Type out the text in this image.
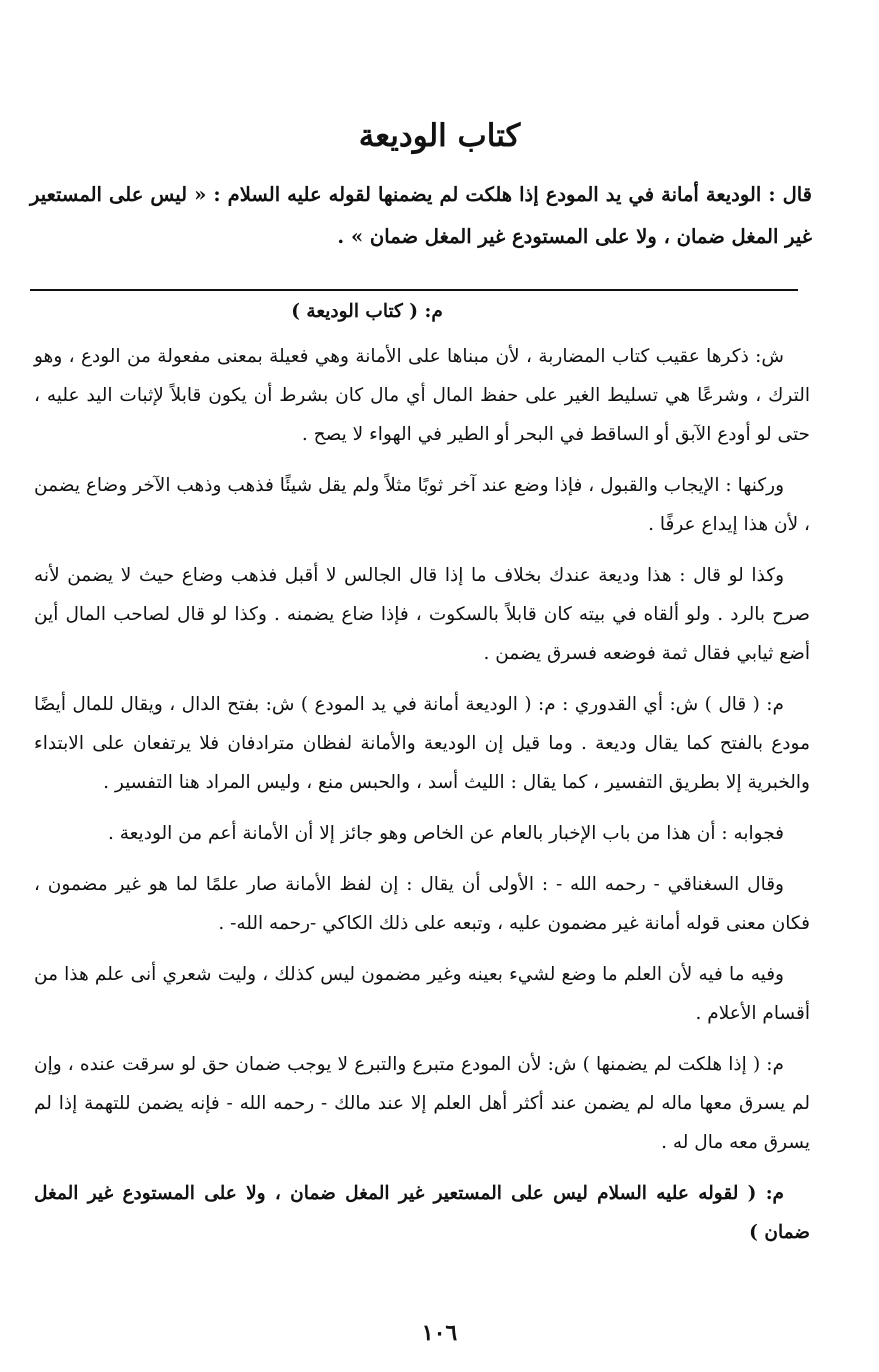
كتاب الوديعة
قال : الوديعة أمانة في يد المودع إذا هلكت لم يضمنها لقوله عليه السلام : « ليس على المستعير غير المغل ضمان ، ولا على المستودع غير المغل ضمان » .

م: ( كتاب الوديعة )

ش: ذكرها عقيب كتاب المضاربة ، لأن مبناها على الأمانة وهي فعيلة بمعنى مفعولة من الودع ، وهو الترك ، وشرعًا هي تسليط الغير على حفظ المال أي مال كان بشرط أن يكون قابلاً لإثبات اليد عليه ، حتى لو أودع الآبق أو الساقط في البحر أو الطير في الهواء لا يصح .

وركنها : الإيجاب والقبول ، فإذا وضع عند آخر ثوبًا مثلاً ولم يقل شيئًا فذهب وذهب الآخر وضاع يضمن ، لأن هذا إيداع عرفًا .

وكذا لو قال : هذا وديعة عندك بخلاف ما إذا قال الجالس لا أقبل فذهب وضاع حيث لا يضمن لأنه صرح بالرد . ولو ألقاه في بيته كان قابلاً بالسكوت ، فإذا ضاع يضمنه . وكذا لو قال لصاحب المال أين أضع ثيابي فقال ثمة فوضعه فسرق يضمن .

م: ( قال ) ش: أي القدوري : م: ( الوديعة أمانة في يد المودع ) ش: بفتح الدال ، ويقال للمال أيضًا مودع بالفتح كما يقال وديعة . وما قيل إن الوديعة والأمانة لفظان مترادفان فلا يرتفعان على الابتداء والخبرية إلا بطريق التفسير ، كما يقال : الليث أسد ، والحبس منع ، وليس المراد هنا التفسير .

فجوابه : أن هذا من باب الإخبار بالعام عن الخاص وهو جائز إلا أن الأمانة أعم من الوديعة .

وقال السغناقي - رحمه الله - : الأولى أن يقال : إن لفظ الأمانة صار علمًا لما هو غير مضمون ، فكان معنى قوله أمانة غير مضمون عليه ، وتبعه على ذلك الكاكي -رحمه الله- .

وفيه ما فيه لأن العلم ما وضع لشيء بعينه وغير مضمون ليس كذلك ، وليت شعري أنى علم هذا من أقسام الأعلام .

م: ( إذا هلكت لم يضمنها ) ش: لأن المودع متبرع والتبرع لا يوجب ضمان حق لو سرقت عنده ، وإن لم يسرق معها ماله لم يضمن عند أكثر أهل العلم إلا عند مالك - رحمه الله - فإنه يضمن للتهمة إذا لم يسرق معه مال له .

م: ( لقوله عليه السلام ليس على المستعير غير المغل ضمان ، ولا على المستودع غير المغل ضمان )

١٠٦
